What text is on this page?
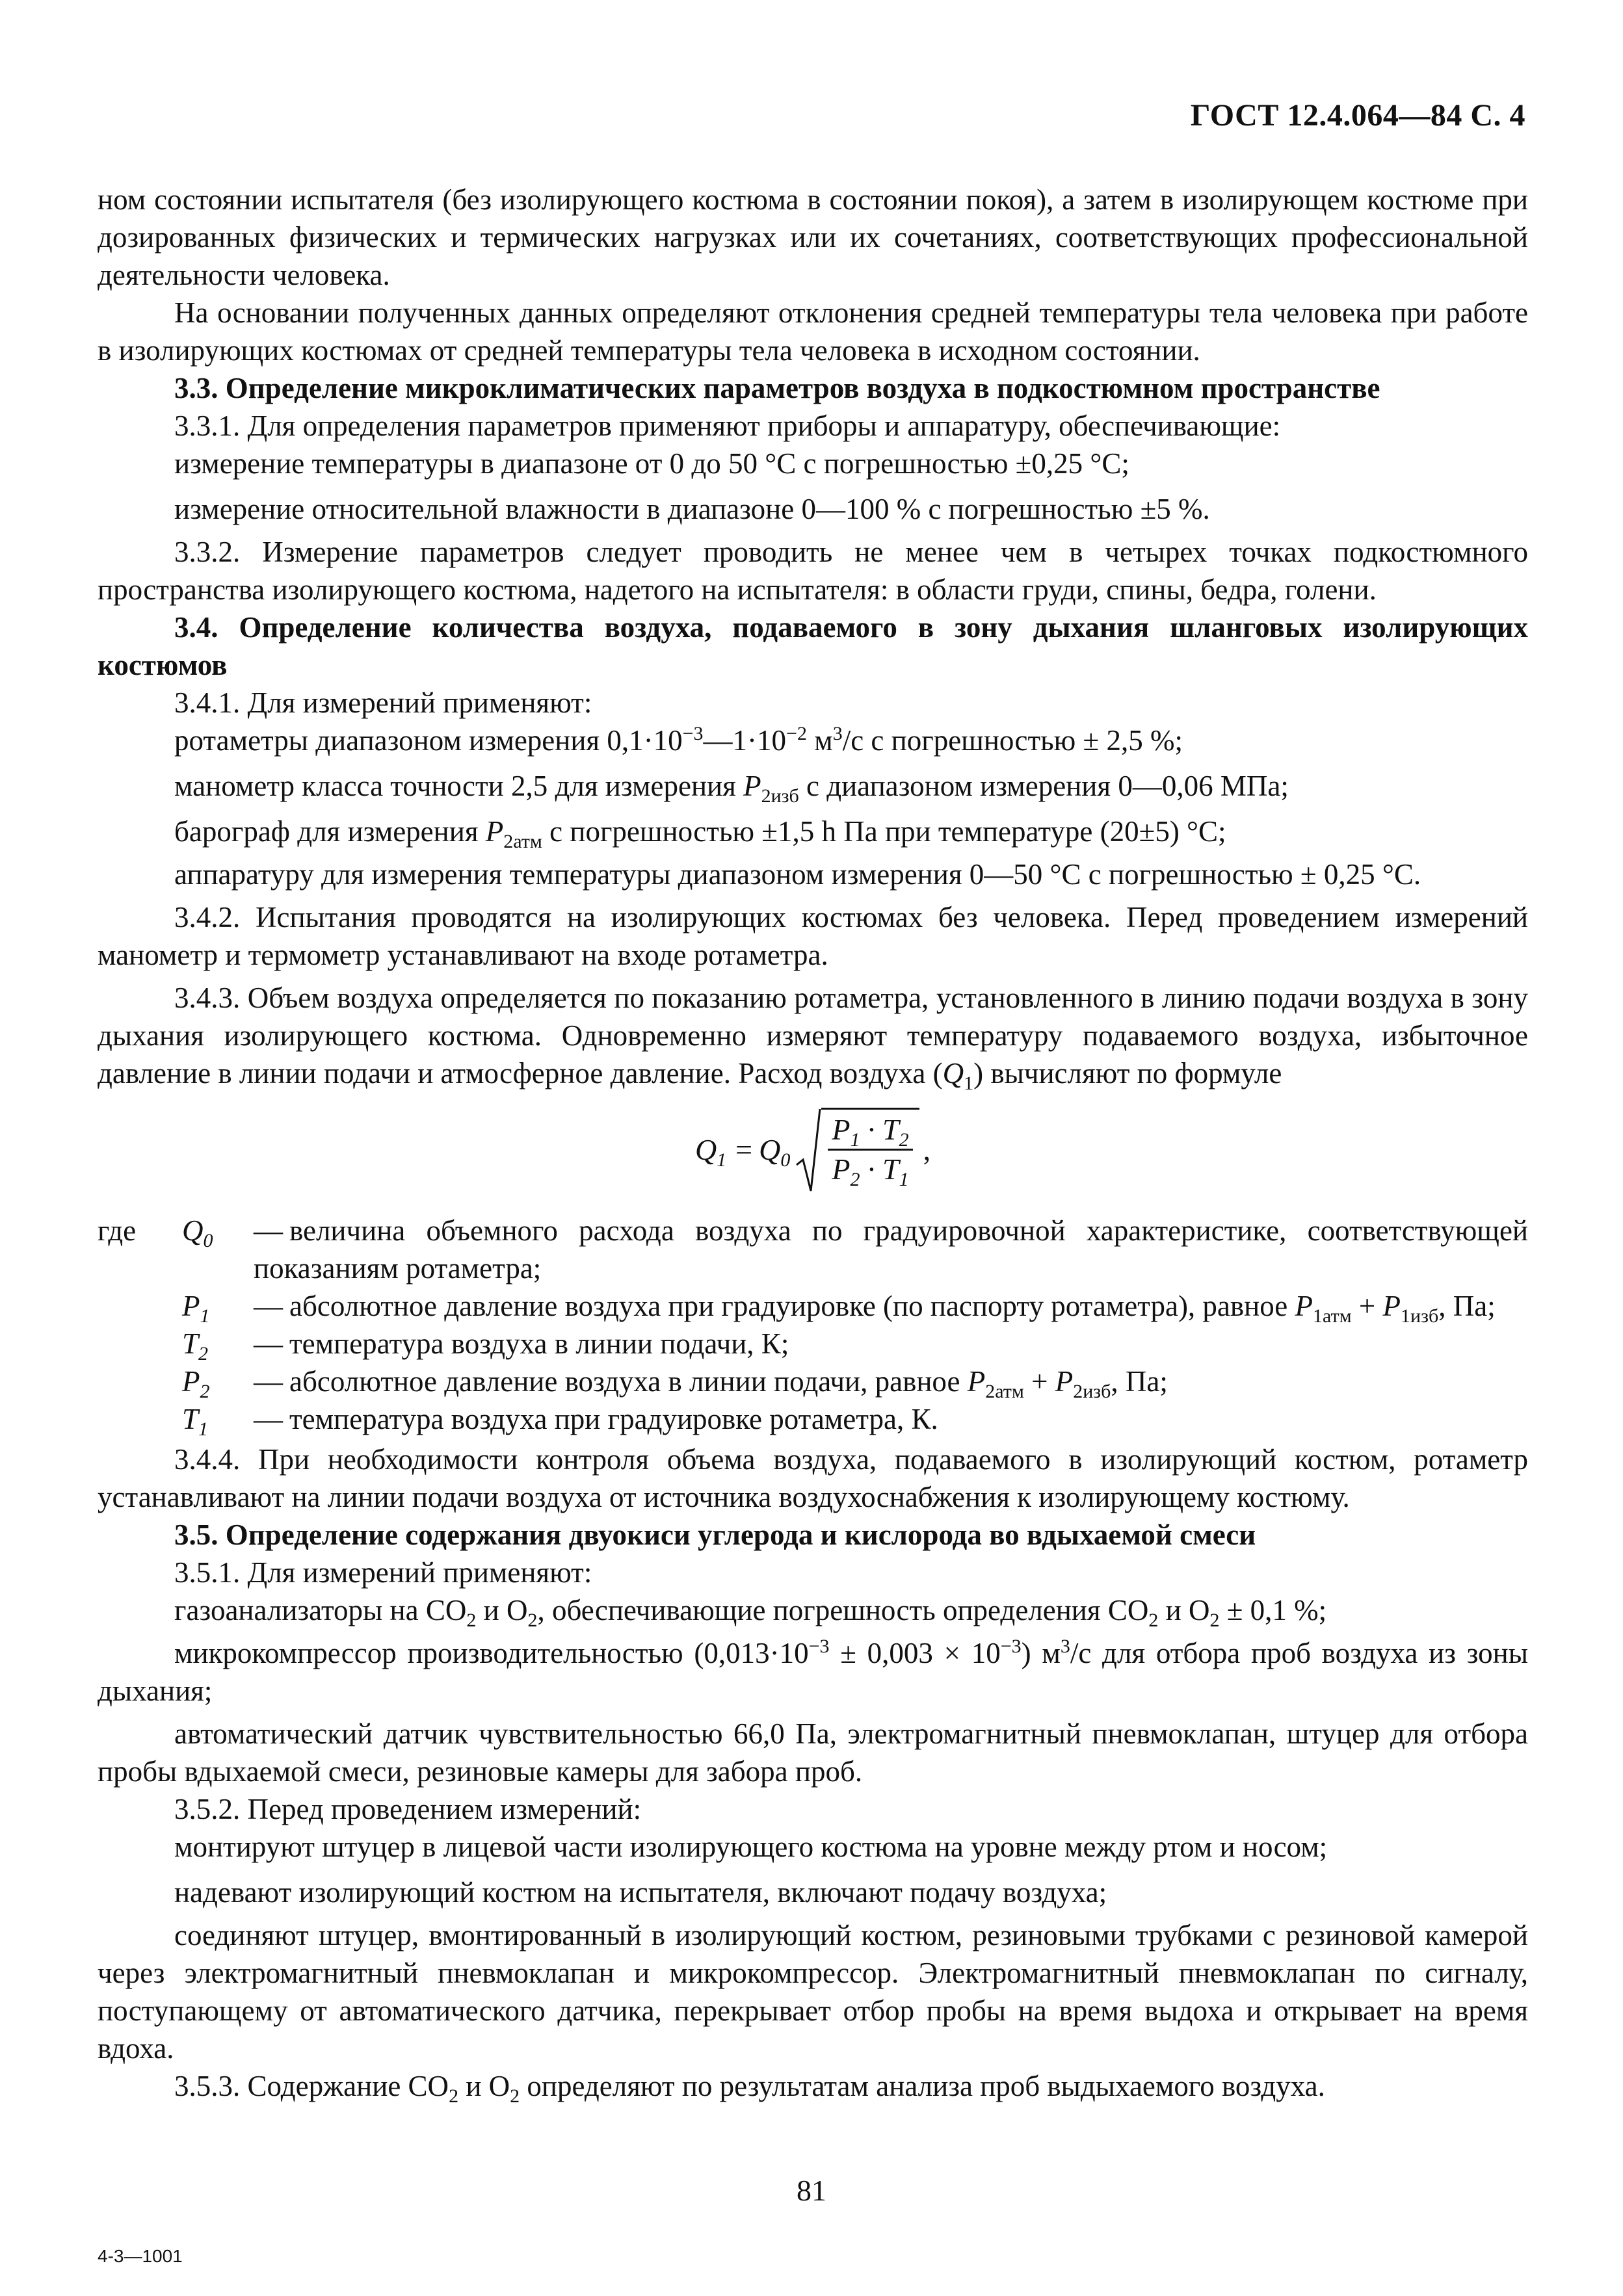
ГОСТ 12.4.064—84 С. 4

ном состоянии испытателя (без изолирующего костюма в состоянии покоя), а затем в изолирующем костюме при дозированных физических и термических нагрузках или их сочетаниях, соответствующих профессиональной деятельности человека.

На основании полученных данных определяют отклонения средней температуры тела человека при работе в изолирующих костюмах от средней температуры тела человека в исходном состоянии.

3.3. Определение микроклиматических параметров воздуха в подкостюмном пространстве

3.3.1. Для определения параметров применяют приборы и аппаратуру, обеспечивающие:

измерение температуры в диапазоне от 0 до 50 °С с погрешностью ±0,25 °С;

измерение относительной влажности в диапазоне 0—100 % с погрешностью ±5 %.

3.3.2. Измерение параметров следует проводить не менее чем в четырех точках подкостюмного пространства изолирующего костюма, надетого на испытателя: в области груди, спины, бедра, голени.

3.4. Определение количества воздуха, подаваемого в зону дыхания шланговых изолирующих костюмов

3.4.1. Для измерений применяют:

ротаметры диапазоном измерения $0,1\cdot 10^{-3}—1\cdot 10^{-2}$ $м^3/с$ с погрешностью ± 2,5 %;

манометр класса точности 2,5 для измерения $P_{2изб}$ с диапазоном измерения 0—0,06 МПа;

барограф для измерения $P_{2атм}$ с погрешностью ±1,5 h Па при температуре (20±5) °С;

аппаратуру для измерения температуры диапазоном измерения 0—50 °С с погрешностью ± 0,25 °С.

3.4.2. Испытания проводятся на изолирующих костюмах без человека. Перед проведением измерений манометр и термометр устанавливают на входе ротаметра.

3.4.3. Объем воздуха определяется по показанию ротаметра, установленного в линию подачи воздуха в зону дыхания изолирующего костюма. Одновременно измеряют температуру подаваемого воздуха, избыточное давление в линии подачи и атмосферное давление. Расход воздуха $(Q_1)$ вычисляют по формуле

$Q_1 = Q_0 \frac{P_1 \cdot T_2}{P_2 \cdot T_1}$ ,
где	$Q_0$	— величина объемного расхода воздуха по градуировочной характеристике, соответствующей показаниям ротаметра;
$P_1$	— абсолютное давление воздуха при градуировке (по паспорту ротаметра), равное $P_{1атм} + P_{1изб}$, Па;
$T_2$	— температура воздуха в линии подачи, К;
$P_2$	— абсолютное давление воздуха в линии подачи, равное $P_{2атм} + P_{2изб}$, Па;
$T_1$	— температура воздуха при градуировке ротаметра, К.

3.4.4. При необходимости контроля объема воздуха, подаваемого в изолирующий костюм, ротаметр устанавливают на линии подачи воздуха от источника воздухоснабжения к изолирующему костюму.

3.5. Определение содержания двуокиси углерода и кислорода во вдыхаемой смеси

3.5.1. Для измерений применяют:

газоанализаторы на $CO_2$ и $O_2$, обеспечивающие погрешность определения $CO_2$ и $O_2 \pm 0,1$ %;

микрокомпрессор производительностью $(0,013\cdot 10^{-3} \pm 0,003 \times 10^{-3})$ $м^3/с$ для отбора проб воздуха из зоны дыхания;

автоматический датчик чувствительностью 66,0 Па, электромагнитный пневмоклапан, штуцер для отбора пробы вдыхаемой смеси, резиновые камеры для забора проб.

3.5.2. Перед проведением измерений:

монтируют штуцер в лицевой части изолирующего костюма на уровне между ртом и носом;

надевают изолирующий костюм на испытателя, включают подачу воздуха;

соединяют штуцер, вмонтированный в изолирующий костюм, резиновыми трубками с резиновой камерой через электромагнитный пневмоклапан и микрокомпрессор. Электромагнитный пневмоклапан по сигналу, поступающему от автоматического датчика, перекрывает отбор пробы на время выдоха и открывает на время вдоха.

3.5.3. Содержание $CO_2$ и $O_2$ определяют по результатам анализа проб выдыхаемого воздуха.

81
4-3—1001
